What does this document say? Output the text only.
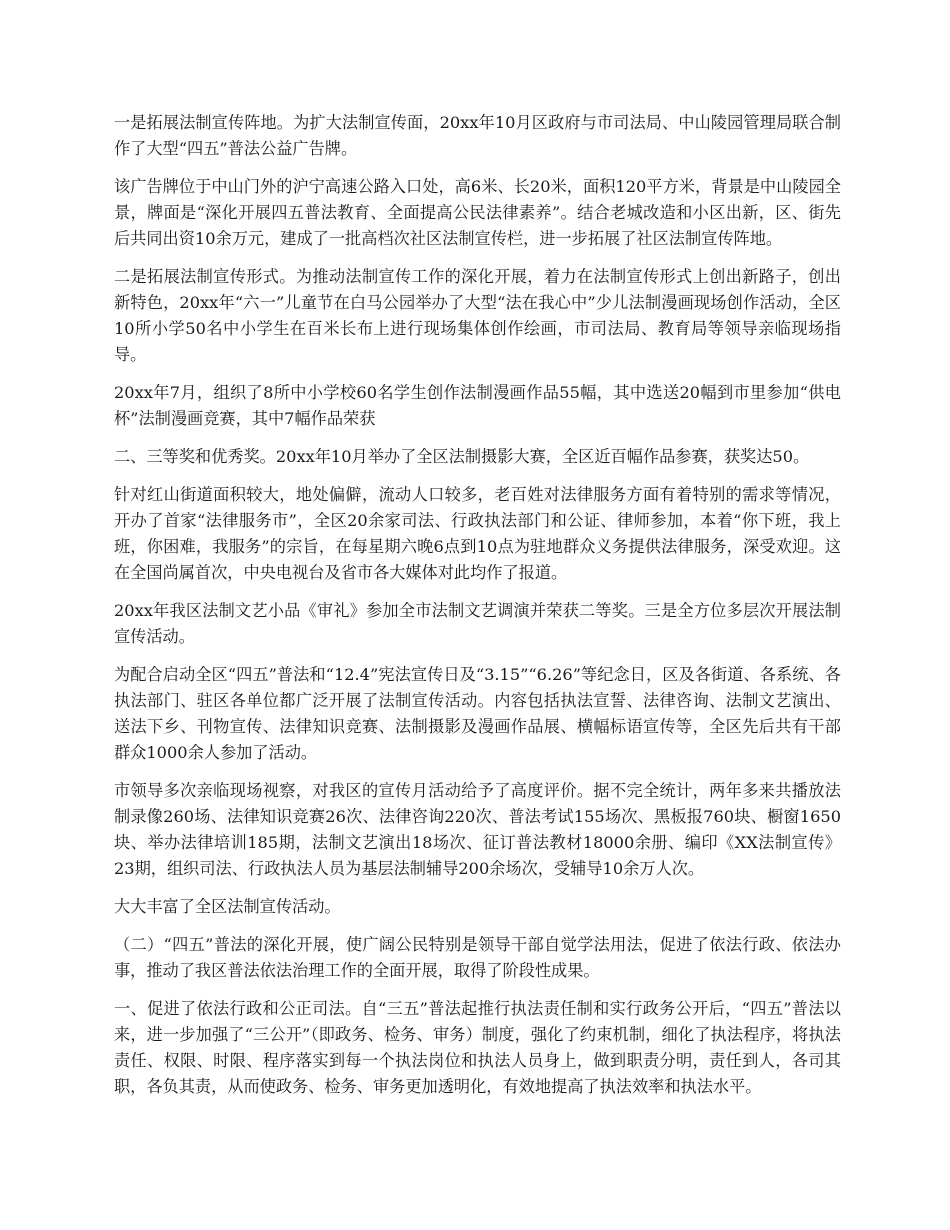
一是拓展法制宣传阵地。为扩大法制宣传面，20xx年10月区政府与市司法局、中山陵园管理局联合制作了大型“四五”普法公益广告牌。

该广告牌位于中山门外的沪宁高速公路入口处，高6米、长20米，面积120平方米，背景是中山陵园全景，牌面是“深化开展四五普法教育、全面提高公民法律素养”。结合老城改造和小区出新，区、街先后共同出资10余万元，建成了一批高档次社区法制宣传栏，进一步拓展了社区法制宣传阵地。

二是拓展法制宣传形式。为推动法制宣传工作的深化开展，着力在法制宣传形式上创出新路子，创出新特色，20xx年“六一”儿童节在白马公园举办了大型“法在我心中”少儿法制漫画现场创作活动，全区10所小学50名中小学生在百米长布上进行现场集体创作绘画，市司法局、教育局等领导亲临现场指导。

20xx年7月，组织了8所中小学校60名学生创作法制漫画作品55幅，其中选送20幅到市里参加“供电杯”法制漫画竞赛，其中7幅作品荣获

二、三等奖和优秀奖。20xx年10月举办了全区法制摄影大赛，全区近百幅作品参赛，获奖达50。

针对红山街道面积较大，地处偏僻，流动人口较多，老百姓对法律服务方面有着特别的需求等情况，开办了首家“法律服务市”，全区20余家司法、行政执法部门和公证、律师参加，本着“你下班，我上班，你困难，我服务”的宗旨，在每星期六晚6点到10点为驻地群众义务提供法律服务，深受欢迎。这在全国尚属首次，中央电视台及省市各大媒体对此均作了报道。

20xx年我区法制文艺小品《审礼》参加全市法制文艺调演并荣获二等奖。三是全方位多层次开展法制宣传活动。

为配合启动全区“四五”普法和“12.4”宪法宣传日及“3.15”“6.26”等纪念日，区及各街道、各系统、各执法部门、驻区各单位都广泛开展了法制宣传活动。内容包括执法宣誓、法律咨询、法制文艺演出、送法下乡、刊物宣传、法律知识竞赛、法制摄影及漫画作品展、横幅标语宣传等，全区先后共有干部群众1000余人参加了活动。

市领导多次亲临现场视察，对我区的宣传月活动给予了高度评价。据不完全统计，两年多来共播放法制录像260场、法律知识竞赛26次、法律咨询220次、普法考试155场次、黑板报760块、橱窗1650块、举办法律培训185期，法制文艺演出18场次、征订普法教材18000余册、编印《XX法制宣传》23期，组织司法、行政执法人员为基层法制辅导200余场次，受辅导10余万人次。

大大丰富了全区法制宣传活动。

（二）“四五”普法的深化开展，使广阔公民特别是领导干部自觉学法用法，促进了依法行政、依法办事，推动了我区普法依法治理工作的全面开展，取得了阶段性成果。

一、促进了依法行政和公正司法。自“三五”普法起推行执法责任制和实行政务公开后，“四五”普法以来，进一步加强了“三公开”（即政务、检务、审务）制度，强化了约束机制，细化了执法程序，将执法责任、权限、时限、程序落实到每一个执法岗位和执法人员身上，做到职责分明，责任到人，各司其职，各负其责，从而使政务、检务、审务更加透明化，有效地提高了执法效率和执法水平。
